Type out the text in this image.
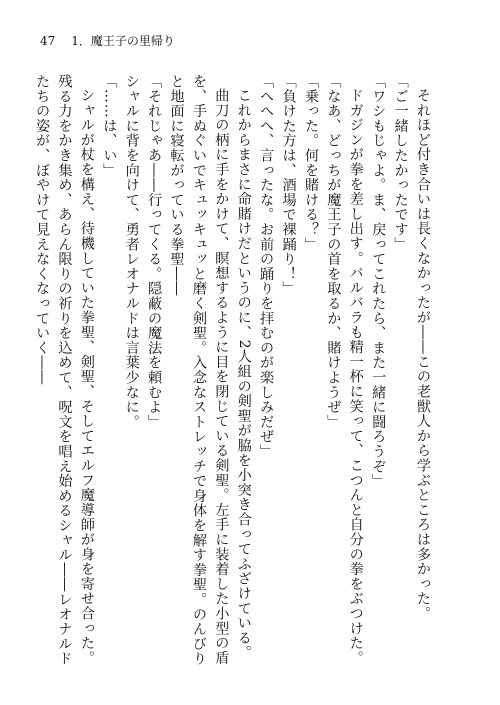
47 1．魔王子の里帰り

それほど付き合いは長くなかったが――この老獣人から学ぶところは多かった。

「ご一緒したかったです」

「ワシもじゃよ。ま、戻ってこれたら、また一緒に闘ろうぞ」

ドガジンが拳を差し出す。バルバラも精一杯に笑って、こつんと自分の拳をぶつけた。

「なあ、どっちが魔王子の首を取るか、賭けようぜ」

「乗った。何を賭ける？」

「負けた方は、酒場で裸踊り！」

「へへへ、言ったな。お前の踊りを拝むのが楽しみだぜ」

これからまさに命賭けだというのに、2人組の剣聖が脇を小突き合ってふざけている。

曲刀の柄に手をかけて、瞑想するように目を閉じている剣聖。左手に装着した小型の盾

を、手ぬぐいでキュッキュッと磨く剣聖。入念なストレッチで身体を解す拳聖。のんびり

と地面に寝転がっている拳聖――

「それじゃあ――行ってくる。隠蔽の魔法を頼むよ」

シャルに背を向けて、勇者レオナルドは言葉少なに。

「……は、い」

シャルが杖を構え、待機していた拳聖、剣聖、そしてエルフ魔導師が身を寄せ合った。

残る力をかき集め、あらん限りの祈りを込めて、呪文を唱え始めるシャル――レオナルド

たちの姿が、ぼやけて見えなくなっていく――
